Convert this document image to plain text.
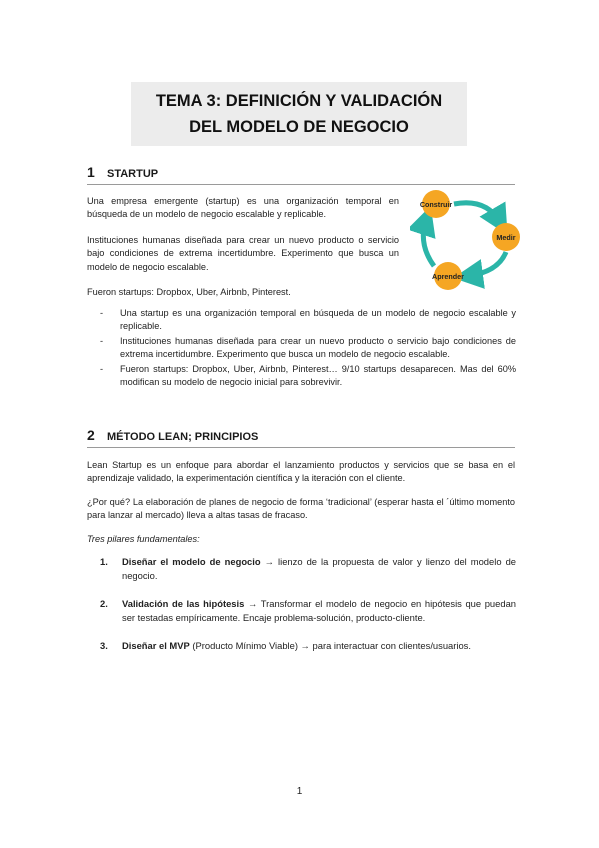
TEMA 3: DEFINICIÓN Y VALIDACIÓN
DEL MODELO DE NEGOCIO
1	STARTUP
Una empresa emergente (startup) es una organización temporal en búsqueda de un modelo de negocio escalable y replicable.
Instituciones humanas diseñada para crear un nuevo producto o servicio bajo condiciones de extrema incertidumbre. Experimento que busca un modelo de negocio escalable.
Fueron startups: Dropbox, Uber, Airbnb, Pinterest.
Construir
Medir
Aprender
-	Una startup es una organización temporal en búsqueda de un modelo de negocio escalable y replicable.
-	Instituciones humanas diseñada para crear un nuevo producto o servicio bajo condiciones de extrema incertidumbre. Experimento que busca un modelo de negocio escalable.
-	Fueron startups: Dropbox, Uber, Airbnb, Pinterest… 9/10 startups desaparecen. Mas del 60% modifican su modelo de negocio inicial para sobrevivir.
2	MÉTODO LEAN; PRINCIPIOS
Lean Startup es un enfoque para abordar el lanzamiento productos y servicios que se basa en el aprendizaje validado, la experimentación científica y la iteración con el cliente.
¿Por qué? La elaboración de planes de negocio de forma ‘tradicional’ (esperar hasta el ´último momento para lanzar al mercado) lleva a altas tasas de fracaso.
Tres pilares fundamentales:
1.	Diseñar el modelo de negocio → lienzo de la propuesta de valor y lienzo del modelo de negocio.
2.	Validación de las hipótesis → Transformar el modelo de negocio en hipótesis que puedan ser testadas empíricamente. Encaje problema-solución, producto-cliente.
3.	Diseñar el MVP (Producto Mínimo Viable) → para interactuar con clientes/usuarios.
1
